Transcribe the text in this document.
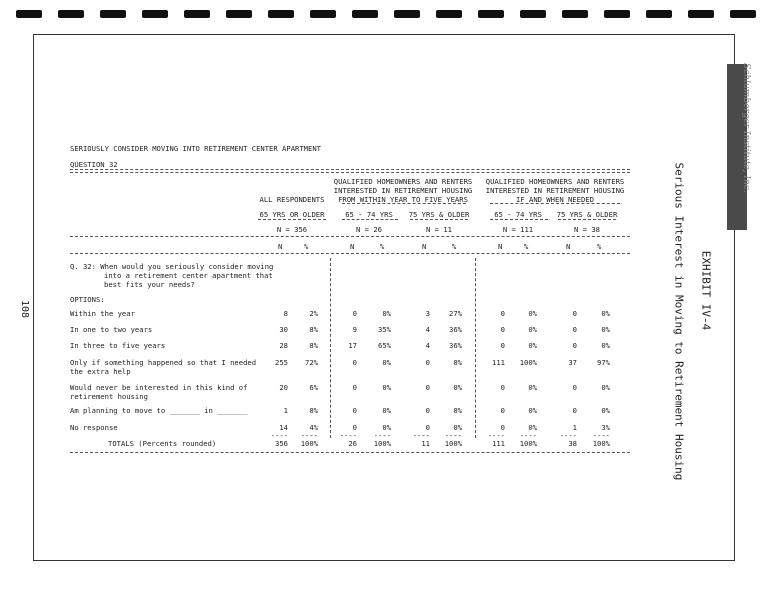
108
Schlumberger Institute, Inc.
EXHIBIT IV-4
Serious Interest in Moving to Retirement Housing
SERIOUSLY CONSIDER MOVING INTO RETIREMENT CENTER APARTMENT
QUESTION 32
ALL RESPONDENTS
QUALIFIED HOMEOWNERS AND RENTERS
INTERESTED IN RETIREMENT HOUSING
FROM WITHIN YEAR TO FIVE YEARS
QUALIFIED HOMEOWNERS AND RENTERS
INTERESTED IN RETIREMENT HOUSING
IF AND WHEN NEEDED
65 YRS OR OLDER	65 - 74 YRS	75 YRS & OLDER	65 - 74 YRS	75 YRS & OLDER
N = 356	N = 26	N = 11	N = 111	N = 38
N	%	N	%	N	%	N	%	N	%
Q. 32: When would you seriously consider moving
into a retirement center apartment that
best fits your needs?
OPTIONS:
Within the year	8	2%	0	0%	3	27%	0	0%	0	0%
In one to two years	30	8%	9	35%	4	36%	0	0%	0	0%
In three to five years	28	8%	17	65%	4	36%	0	0%	0	0%
Only if something happened so that I needed
the extra help
255	72%	0	0%	0	0%	111	100%	37	97%
Would never be interested in this kind of
retirement housing
20	6%	0	0%	0	0%	0	0%	0	0%
Am planning to move to _______ in _______	1	0%	0	0%	0	0%	0	0%	0	0%
No response	14	4%	0	0%	0	0%	0	0%	1	3%
----	----	----	----	----	----	----	----	----	----
TOTALS (Percents rounded)	356	100%	26	100%	11	100%	111	100%	38	100%
